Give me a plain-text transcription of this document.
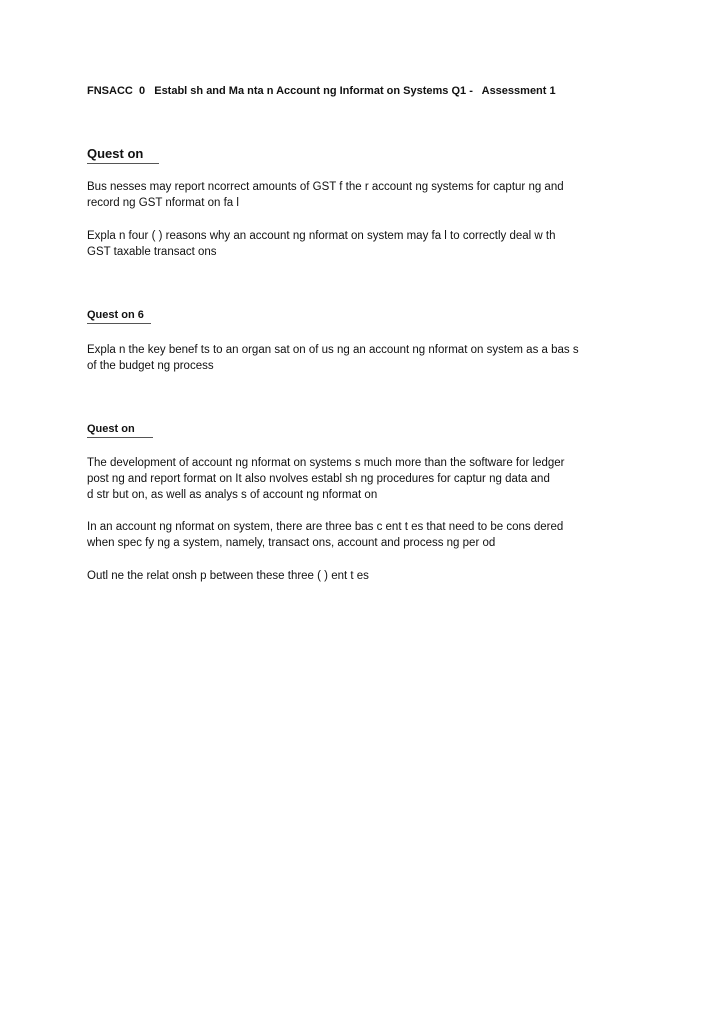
FNSACC  0   Establ sh and Ma nta n Account ng Informat on Systems Q1 -   Assessment 1
Quest on
Bus nesses may report ncorrect amounts of GST f the r account ng systems for captur ng and
record ng GST nformat on fa l
Expla n four ( ) reasons why an account ng nformat on system may fa l to correctly deal w th
GST taxable transact ons
Quest on 6
Expla n the key benef ts to an organ sat on of us ng an account ng nformat on system as a bas s
of the budget ng process
Quest on
The development of account ng nformat on systems s much more than the software for ledger
post ng and report format on It also nvolves establ sh ng procedures for captur ng data and
d str but on, as well as analys s of account ng nformat on
In an account ng nformat on system, there are three bas c ent t es that need to be cons dered
when spec fy ng a system, namely, transact ons, account and process ng per od
Outl ne the relat onsh p between these three ( ) ent t es
